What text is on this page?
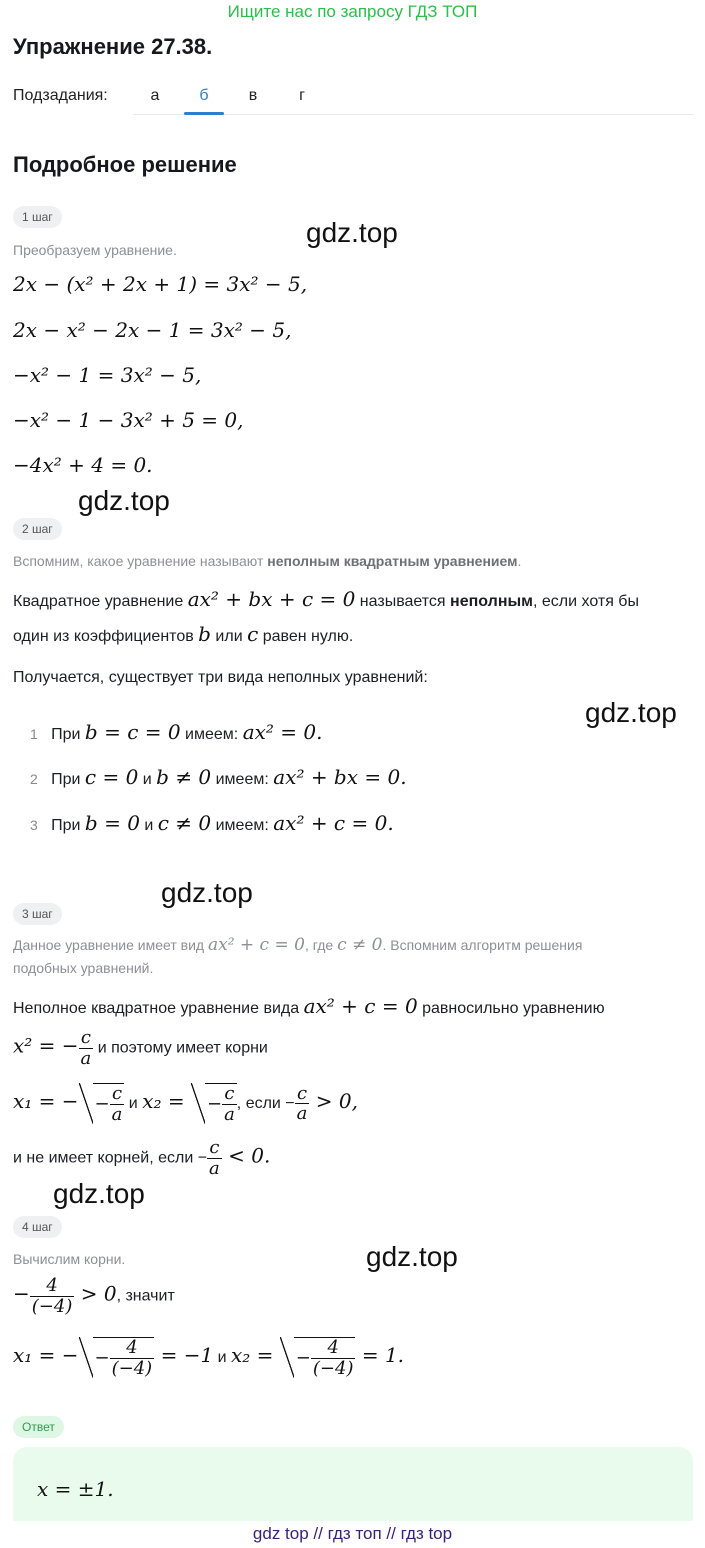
Ищите нас по запросу ГДЗ ТОП
Упражнение 27.38.
Подзадания:	а	б	в	г
Подробное решение
1 шаг	gdz.top
Преобразуем уравнение.
2x − (x² + 2x + 1) = 3x² − 5,
2x − x² − 2x − 1 = 3x² − 5,
−x² − 1 = 3x² − 5,
−x² − 1 − 3x² + 5 = 0,
−4x² + 4 = 0.
gdz.top
2 шаг
Вспомним, какое уравнение называют неполным квадратным уравнением.
Квадратное уравнение ax² + bx + c = 0 называется неполным, если хотя бы
один из коэффициентов b или c равен нулю.
Получается, существует три вида неполных уравнений:
gdz.top
1 При b = c = 0 имеем: ax² = 0.
2 При c = 0 и b ≠ 0 имеем: ax² + bx = 0.
3 При b = 0 и c ≠ 0 имеем: ax² + c = 0.
gdz.top
3 шаг
Данное уравнение имеет вид ax² + c = 0, где c ≠ 0. Вспомним алгоритм решения
подобных уравнений.
Неполное квадратное уравнение вида ax² + c = 0 равносильно уравнению
x² = − $\frac{c}{a}$ и поэтому имеет корни
x₁ = − − $\frac{c}{a}$ и x₂ = − $\frac{c}{a}$ , если − $\frac{c}{a} > 0$,
и не имеет корней, если − $\frac{c}{a} < 0$.
gdz.top
4 шаг
gdz.top
Вычислим корни.
− $\frac{4}{(-4)} > 0$, значит
x₁ = − − $\frac{4}{(-4)} = -1$ и x₂ = − $\frac{4}{(-4)} = 1$.
Ответ
x = ±1.
gdz top // гдз топ // гдз top
